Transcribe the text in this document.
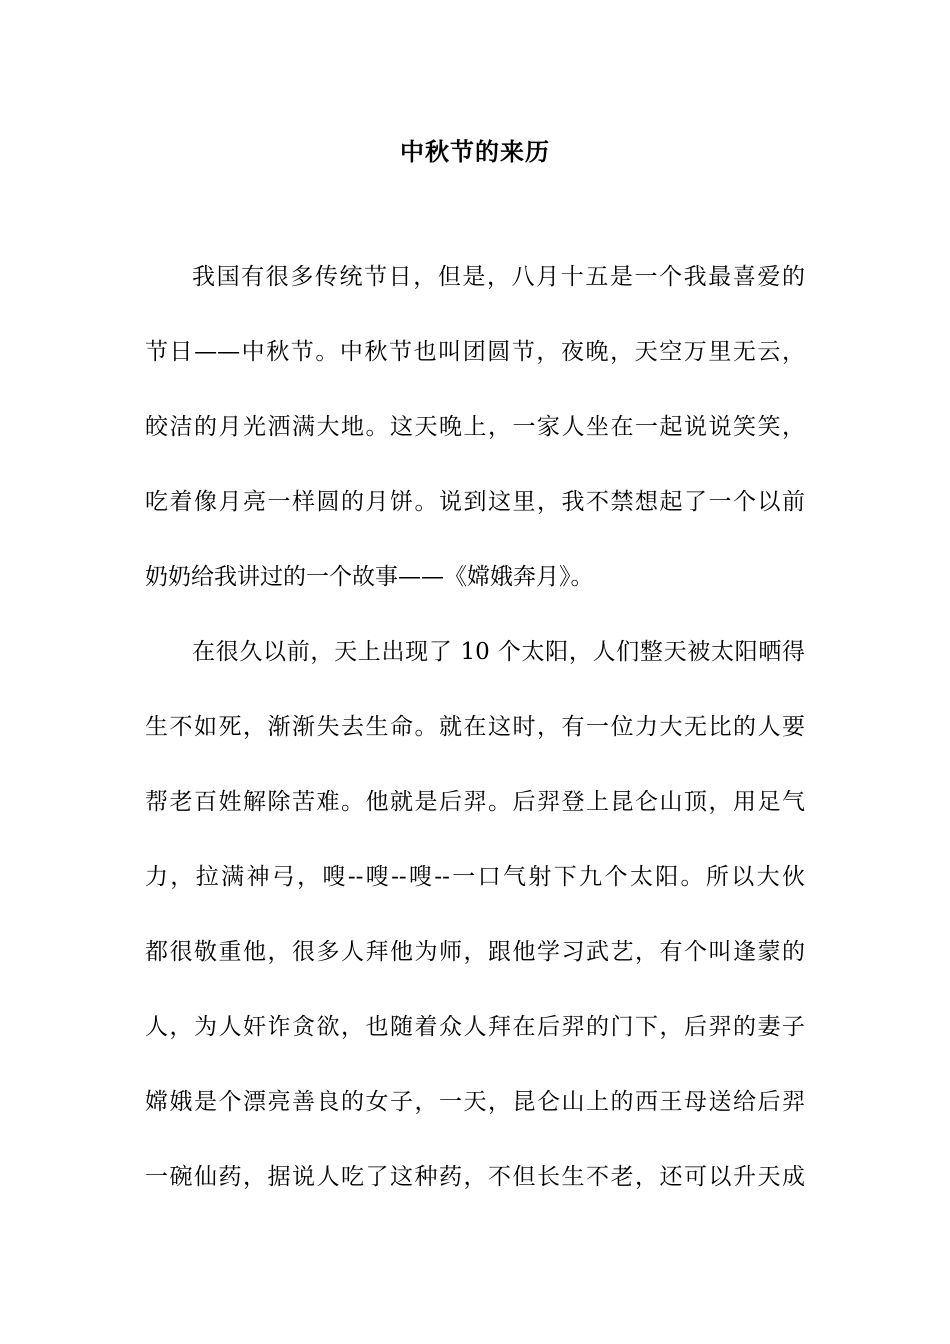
中秋节的来历
我国有很多传统节日，但是，八月十五是一个我最喜爱的
节日——中秋节。中秋节也叫团圆节，夜晚，天空万里无云，
皎洁的月光洒满大地。这天晚上，一家人坐在一起说说笑笑，
吃着像月亮一样圆的月饼。说到这里，我不禁想起了一个以前
奶奶给我讲过的一个故事——《嫦娥奔月》。
在很久以前，天上出现了 10 个太阳，人们整天被太阳晒得
生不如死，渐渐失去生命。就在这时，有一位力大无比的人要
帮老百姓解除苦难。他就是后羿。后羿登上昆仑山顶，用足气
力，拉满神弓，嗖--嗖--嗖--一口气射下九个太阳。所以大伙
都很敬重他，很多人拜他为师，跟他学习武艺，有个叫逢蒙的
人，为人奸诈贪欲，也随着众人拜在后羿的门下，后羿的妻子
嫦娥是个漂亮善良的女子，一天，昆仑山上的西王母送给后羿
一碗仙药，据说人吃了这种药，不但长生不老，还可以升天成
